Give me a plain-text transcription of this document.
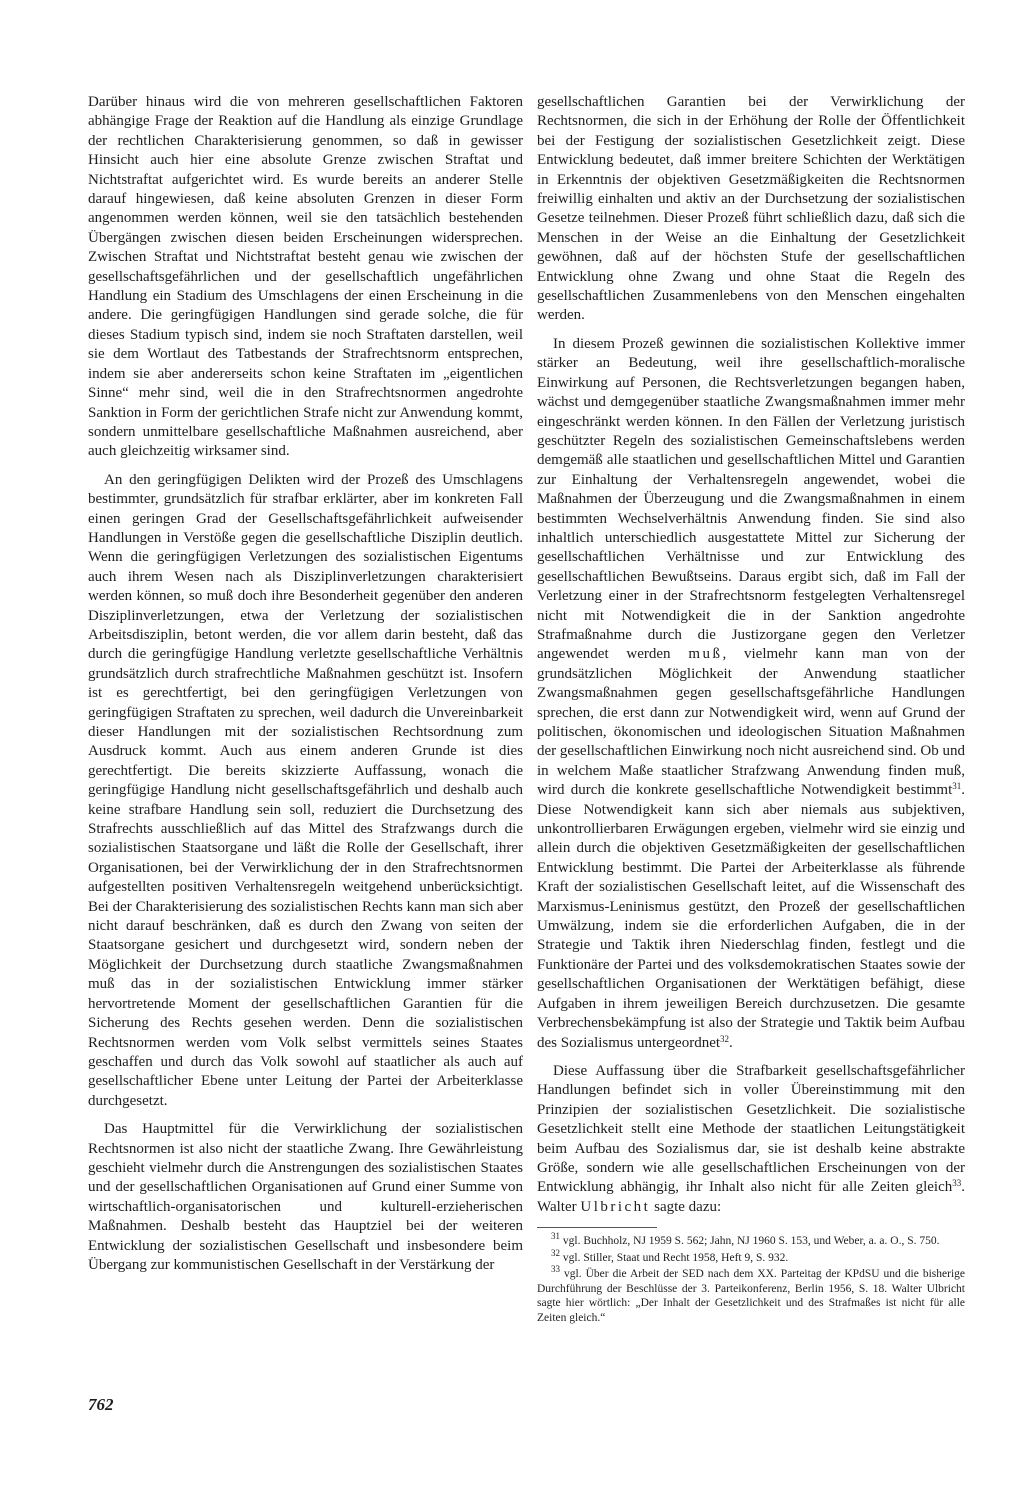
Darüber hinaus wird die von mehreren gesellschaftlichen Faktoren abhängige Frage der Reaktion auf die Handlung als einzige Grundlage der rechtlichen Charakterisierung genommen, so daß in gewisser Hinsicht auch hier eine absolute Grenze zwischen Straftat und Nichtstraftat aufgerichtet wird. Es wurde bereits an anderer Stelle darauf hingewiesen, daß keine absoluten Grenzen in dieser Form angenommen werden können, weil sie den tatsächlich bestehenden Übergängen zwischen diesen beiden Erscheinungen widersprechen. Zwischen Straftat und Nichtstraftat besteht genau wie zwischen der gesellschaftsgefährlichen und der gesellschaftlich ungefährlichen Handlung ein Stadium des Umschlagens der einen Erscheinung in die andere. Die geringfügigen Handlungen sind gerade solche, die für dieses Stadium typisch sind, indem sie noch Straftaten darstellen, weil sie dem Wortlaut des Tatbestands der Strafrechtsnorm entsprechen, indem sie aber andererseits schon keine Straftaten im „eigentlichen Sinne“ mehr sind, weil die in den Strafrechtsnormen angedrohte Sanktion in Form der gerichtlichen Strafe nicht zur Anwendung kommt, sondern unmittelbare gesellschaftliche Maßnahmen ausreichend, aber auch gleichzeitig wirksamer sind.

An den geringfügigen Delikten wird der Prozeß des Umschlagens bestimmter, grundsätzlich für strafbar erklärter, aber im konkreten Fall einen geringen Grad der Gesellschaftsgefährlichkeit aufweisender Handlungen in Verstöße gegen die gesellschaftliche Disziplin deutlich. Wenn die geringfügigen Verletzungen des sozialistischen Eigentums auch ihrem Wesen nach als Disziplinverletzungen charakterisiert werden können, so muß doch ihre Besonderheit gegenüber den anderen Disziplinverletzungen, etwa der Verletzung der sozialistischen Arbeitsdisziplin, betont werden, die vor allem darin besteht, daß das durch die geringfügige Handlung verletzte gesellschaftliche Verhältnis grundsätzlich durch strafrechtliche Maßnahmen geschützt ist. Insofern ist es gerechtfertigt, bei den geringfügigen Verletzungen von geringfügigen Straftaten zu sprechen, weil dadurch die Unvereinbarkeit dieser Handlungen mit der sozialistischen Rechtsordnung zum Ausdruck kommt. Auch aus einem anderen Grunde ist dies gerechtfertigt. Die bereits skizzierte Auffassung, wonach die geringfügige Handlung nicht gesellschaftsgefährlich und deshalb auch keine strafbare Handlung sein soll, reduziert die Durchsetzung des Strafrechts ausschließlich auf das Mittel des Strafzwangs durch die sozialistischen Staatsorgane und läßt die Rolle der Gesellschaft, ihrer Organisationen, bei der Verwirklichung der in den Strafrechtsnormen aufgestellten positiven Verhaltensregeln weitgehend unberücksichtigt. Bei der Charakterisierung des sozialistischen Rechts kann man sich aber nicht darauf beschränken, daß es durch den Zwang von seiten der Staatsorgane gesichert und durchgesetzt wird, sondern neben der Möglichkeit der Durchsetzung durch staatliche Zwangsmaßnahmen muß das in der sozialistischen Entwicklung immer stärker hervortretende Moment der gesellschaftlichen Garantien für die Sicherung des Rechts gesehen werden. Denn die sozialistischen Rechtsnormen werden vom Volk selbst vermittels seines Staates geschaffen und durch das Volk sowohl auf staatlicher als auch auf gesellschaftlicher Ebene unter Leitung der Partei der Arbeiterklasse durchgesetzt.

Das Hauptmittel für die Verwirklichung der sozialistischen Rechtsnormen ist also nicht der staatliche Zwang. Ihre Gewährleistung geschieht vielmehr durch die Anstrengungen des sozialistischen Staates und der gesellschaftlichen Organisationen auf Grund einer Summe von wirtschaftlich-organisatorischen und kulturell-erzieherischen Maßnahmen. Deshalb besteht das Hauptziel bei der weiteren Entwicklung der sozialistischen Gesellschaft und insbesondere beim Übergang zur kommunistischen Gesellschaft in der Verstärkung der

gesellschaftlichen Garantien bei der Verwirklichung der Rechtsnormen, die sich in der Erhöhung der Rolle der Öffentlichkeit bei der Festigung der sozialistischen Gesetzlichkeit zeigt. Diese Entwicklung bedeutet, daß immer breitere Schichten der Werktätigen in Erkenntnis der objektiven Gesetzmäßigkeiten die Rechtsnormen freiwillig einhalten und aktiv an der Durchsetzung der sozialistischen Gesetze teilnehmen. Dieser Prozeß führt schließlich dazu, daß sich die Menschen in der Weise an die Einhaltung der Gesetzlichkeit gewöhnen, daß auf der höchsten Stufe der gesellschaftlichen Entwicklung ohne Zwang und ohne Staat die Regeln des gesellschaftlichen Zusammenlebens von den Menschen eingehalten werden.

In diesem Prozeß gewinnen die sozialistischen Kollektive immer stärker an Bedeutung, weil ihre gesellschaftlich-moralische Einwirkung auf Personen, die Rechtsverletzungen begangen haben, wächst und demgegenüber staatliche Zwangsmaßnahmen immer mehr eingeschränkt werden können. In den Fällen der Verletzung juristisch geschützter Regeln des sozialistischen Gemeinschaftslebens werden demgemäß alle staatlichen und gesellschaftlichen Mittel und Garantien zur Einhaltung der Verhaltensregeln angewendet, wobei die Maßnahmen der Überzeugung und die Zwangsmaßnahmen in einem bestimmten Wechselverhältnis Anwendung finden. Sie sind also inhaltlich unterschiedlich ausgestattete Mittel zur Sicherung der gesellschaftlichen Verhältnisse und zur Entwicklung des gesellschaftlichen Bewußtseins. Daraus ergibt sich, daß im Fall der Verletzung einer in der Strafrechtsnorm festgelegten Verhaltensregel nicht mit Notwendigkeit die in der Sanktion angedrohte Strafmaßnahme durch die Justizorgane gegen den Verletzer angewendet werden muß, vielmehr kann man von der grundsätzlichen Möglichkeit der Anwendung staatlicher Zwangsmaßnahmen gegen gesellschaftsgefährliche Handlungen sprechen, die erst dann zur Notwendigkeit wird, wenn auf Grund der politischen, ökonomischen und ideologischen Situation Maßnahmen der gesellschaftlichen Einwirkung noch nicht ausreichend sind. Ob und in welchem Maße staatlicher Strafzwang Anwendung finden muß, wird durch die konkrete gesellschaftliche Notwendigkeit bestimmt$^{31}$. Diese Notwendigkeit kann sich aber niemals aus subjektiven, unkontrollierbaren Erwägungen ergeben, vielmehr wird sie einzig und allein durch die objektiven Gesetzmäßigkeiten der gesellschaftlichen Entwicklung bestimmt. Die Partei der Arbeiterklasse als führende Kraft der sozialistischen Gesellschaft leitet, auf die Wissenschaft des Marxismus-Leninismus gestützt, den Prozeß der gesellschaftlichen Umwälzung, indem sie die erforderlichen Aufgaben, die in der Strategie und Taktik ihren Niederschlag finden, festlegt und die Funktionäre der Partei und des volksdemokratischen Staates sowie der gesellschaftlichen Organisationen der Werktätigen befähigt, diese Aufgaben in ihrem jeweiligen Bereich durchzusetzen. Die gesamte Verbrechensbekämpfung ist also der Strategie und Taktik beim Aufbau des Sozialismus untergeordnet$^{32}$.

Diese Auffassung über die Strafbarkeit gesellschaftsgefährlicher Handlungen befindet sich in voller Übereinstimmung mit den Prinzipien der sozialistischen Gesetzlichkeit. Die sozialistische Gesetzlichkeit stellt eine Methode der staatlichen Leitungstätigkeit beim Aufbau des Sozialismus dar, sie ist deshalb keine abstrakte Größe, sondern wie alle gesellschaftlichen Erscheinungen von der Entwicklung abhängig, ihr Inhalt also nicht für alle Zeiten gleich$^{33}$. Walter Ulbricht sagte dazu:

$^{31}$ vgl. Buchholz, NJ 1959 S. 562; Jahn, NJ 1960 S. 153, und Weber, a. a. O., S. 750.

$^{32}$ vgl. Stiller, Staat und Recht 1958, Heft 9, S. 932.

$^{33}$ vgl. Über die Arbeit der SED nach dem XX. Parteitag der KPdSU und die bisherige Durchführung der Beschlüsse der 3. Parteikonferenz, Berlin 1956, S. 18. Walter Ulbricht sagte hier wörtlich: „Der Inhalt der Gesetzlichkeit und des Strafmaßes ist nicht für alle Zeiten gleich.“

762
